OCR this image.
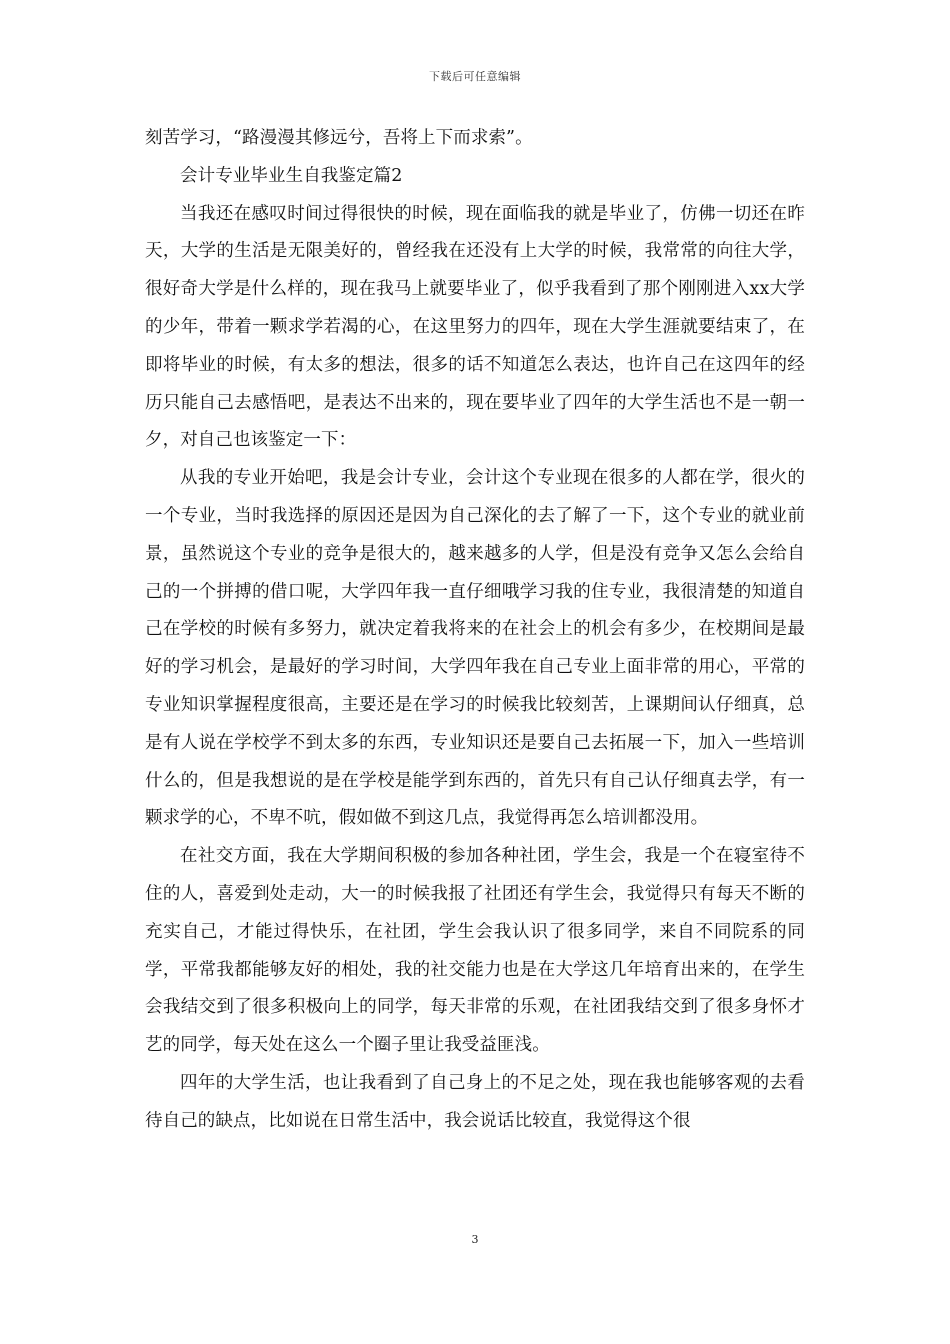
下载后可任意编辑

刻苦学习，“路漫漫其修远兮，吾将上下而求索”。

会计专业毕业生自我鉴定篇2

当我还在感叹时间过得很快的时候，现在面临我的就是毕业了，仿佛一切还在昨天，大学的生活是无限美好的，曾经我在还没有上大学的时候，我常常的向往大学，很好奇大学是什么样的，现在我马上就要毕业了，似乎我看到了那个刚刚进入xx大学的少年，带着一颗求学若渴的心，在这里努力的四年，现在大学生涯就要结束了，在即将毕业的时候，有太多的想法，很多的话不知道怎么表达，也许自己在这四年的经历只能自己去感悟吧，是表达不出来的，现在要毕业了四年的大学生活也不是一朝一夕，对自己也该鉴定一下：

从我的专业开始吧，我是会计专业，会计这个专业现在很多的人都在学，很火的一个专业，当时我选择的原因还是因为自己深化的去了解了一下，这个专业的就业前景，虽然说这个专业的竞争是很大的，越来越多的人学，但是没有竞争又怎么会给自己的一个拼搏的借口呢，大学四年我一直仔细哦学习我的住专业，我很清楚的知道自己在学校的时候有多努力，就决定着我将来的在社会上的机会有多少，在校期间是最好的学习机会，是最好的学习时间，大学四年我在自己专业上面非常的用心，平常的专业知识掌握程度很高，主要还是在学习的时候我比较刻苦，上课期间认仔细真，总是有人说在学校学不到太多的东西，专业知识还是要自己去拓展一下，加入一些培训什么的，但是我想说的是在学校是能学到东西的，首先只有自己认仔细真去学，有一颗求学的心，不卑不吭，假如做不到这几点，我觉得再怎么培训都没用。

在社交方面，我在大学期间积极的参加各种社团，学生会，我是一个在寝室待不住的人，喜爱到处走动，大一的时候我报了社团还有学生会，我觉得只有每天不断的充实自己，才能过得快乐，在社团，学生会我认识了很多同学，来自不同院系的同学，平常我都能够友好的相处，我的社交能力也是在大学这几年培育出来的，在学生会我结交到了很多积极向上的同学，每天非常的乐观，在社团我结交到了很多身怀才艺的同学，每天处在这么一个圈子里让我受益匪浅。

四年的大学生活，也让我看到了自己身上的不足之处，现在我也能够客观的去看待自己的缺点，比如说在日常生活中，我会说话比较直，我觉得这个很

3
